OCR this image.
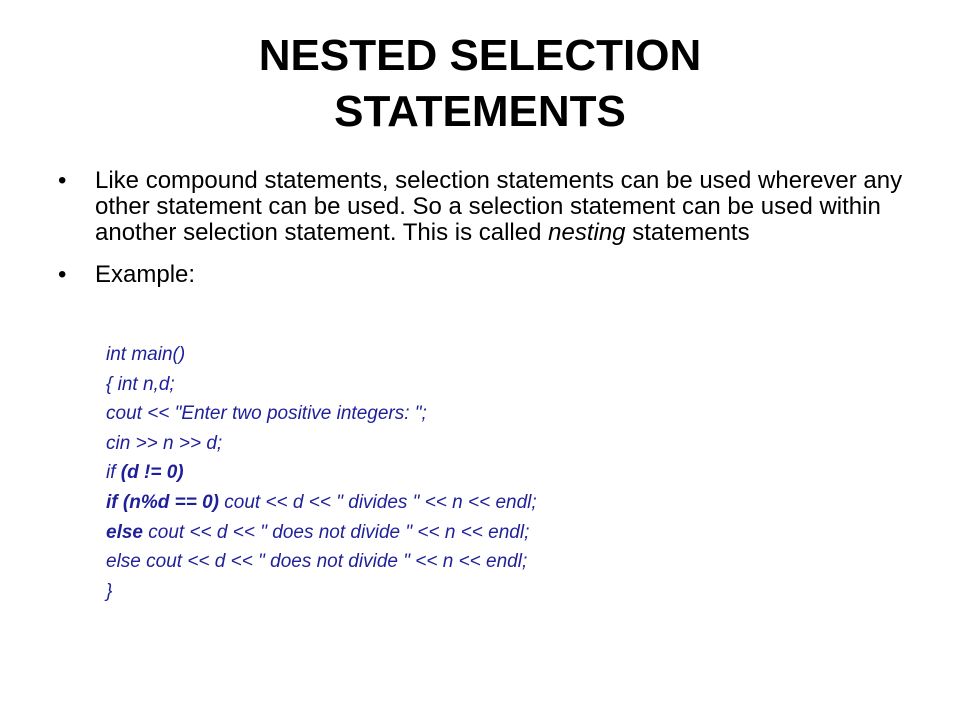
NESTED SELECTION
STATEMENTS
• Like compound statements, selection statements can be used wherever any other statement can be used. So a selection statement can be used within another selection statement. This is called nesting statements
• Example:
int main()
{ int n,d;
cout << "Enter two positive integers: ";
cin >> n >> d;
if (d != 0)
if (n%d == 0) cout << d << " divides " << n << endl;
else cout << d << " does not divide " << n << endl;
else cout << d << " does not divide " << n << endl;
}
